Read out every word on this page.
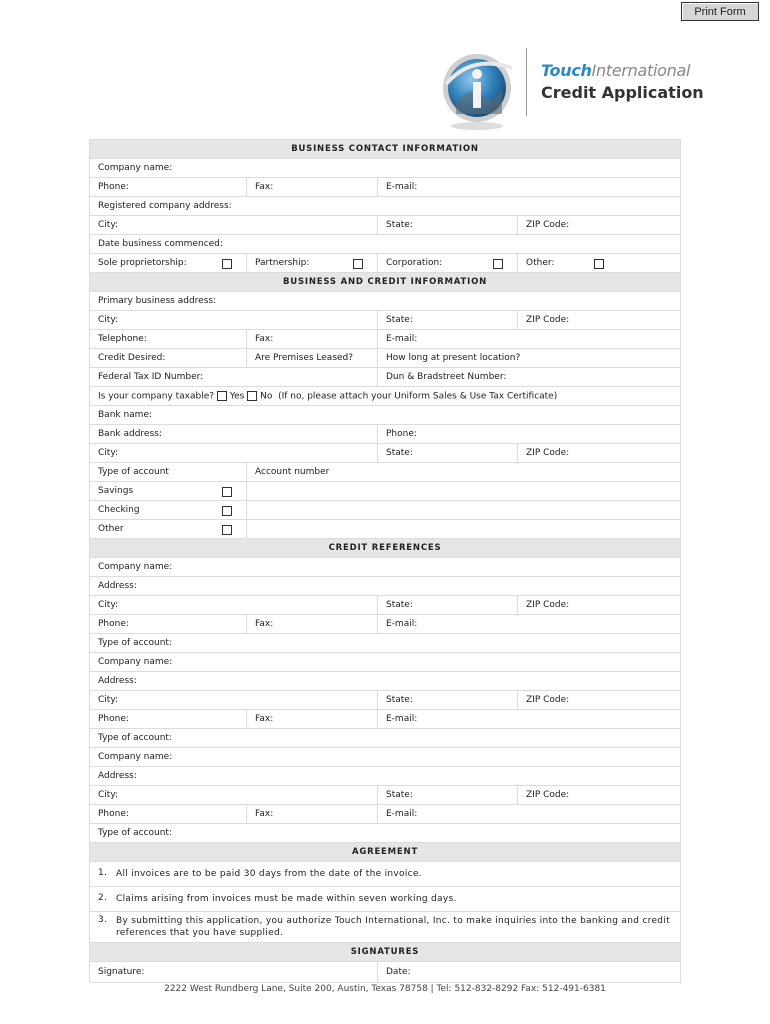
Print Form
TouchInternational
Credit Application
BUSINESS CONTACT INFORMATION			
Company name:			
Phone:	Fax:	E-mail:	
Registered company address:			
City:		State:	ZIP Code:
Date business commenced:			
Sole proprietorship:	Partnership:	Corporation:	Other:

BUSINESS AND CREDIT INFORMATION			
Primary business address:			
City:		State:	ZIP Code:
Telephone:	Fax:	E-mail:	
Credit Desired:	Are Premises Leased?	How long at present location?	
Federal Tax ID Number:		Dun & Bradstreet Number:	
Is your company taxable? Yes No (If no, please attach your Uniform Sales & Use Tax Certificate)			
Bank name:			
Bank address:		Phone:	
City:		State:	ZIP Code:
Type of account	Account number		
Savings		

Checking		

Other		

CREDIT REFERENCES			
Company name:			
Address:			
City:		State:	ZIP Code:
Phone:	Fax:	E-mail:	
Type of account:			
Company name:			
Address:			
City:		State:	ZIP Code:
Phone:	Fax:	E-mail:	
Type of account:			
Company name:			
Address:			
City:		State:	ZIP Code:
Phone:	Fax:	E-mail:	
Type of account:			
AGREEMENT			
1. All invoices are to be paid 30 days from the date of the invoice.			
2. Claims arising from invoices must be made within seven working days.			
3. By submitting this application, you authorize Touch International, Inc. to make inquiries into the banking and credit references that you have supplied.			
SIGNATURES			
Signature:		Date:	
2222 West Rundberg Lane, Suite 200, Austin, Texas 78758 | Tel: 512-832-8292 Fax: 512-491-6381
